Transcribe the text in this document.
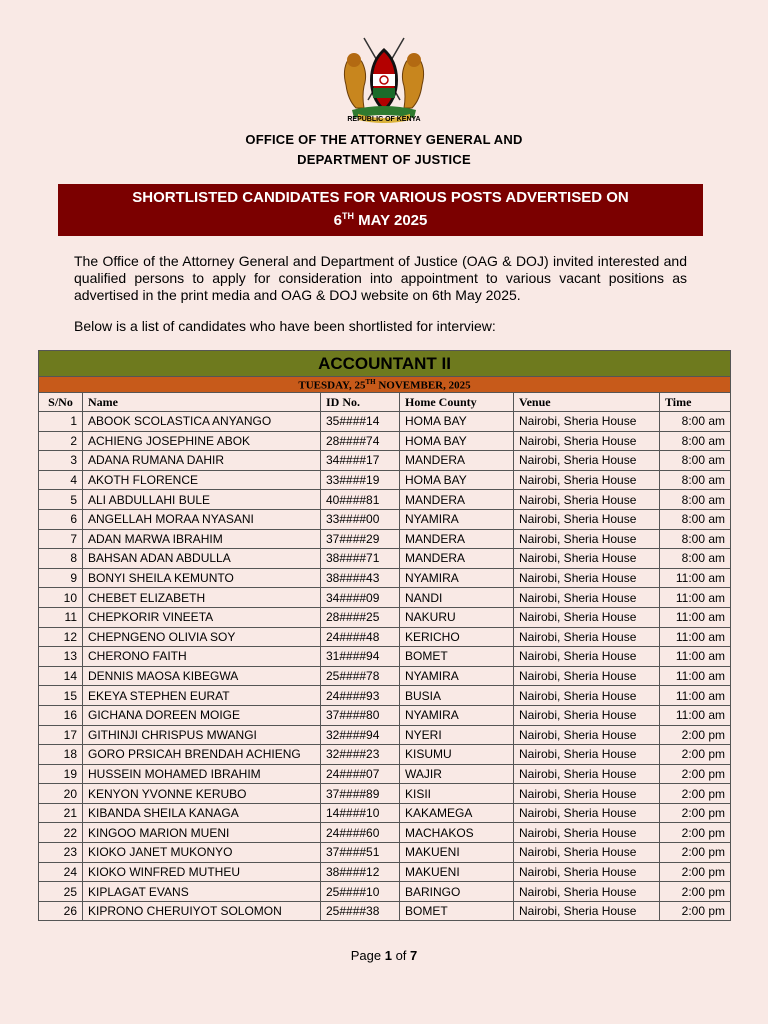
REPUBLIC OF KENYA
OFFICE OF THE ATTORNEY GENERAL AND
DEPARTMENT OF JUSTICE
SHORTLISTED CANDIDATES FOR VARIOUS POSTS ADVERTISED ON
6TH MAY 2025
The Office of the Attorney General and Department of Justice (OAG & DOJ) invited interested and qualified persons to apply for consideration into appointment to various vacant positions as advertised in the print media and OAG & DOJ website on 6th May 2025.
Below is a list of candidates who have been shortlisted for interview:
ACCOUNTANT II					
TUESDAY, 25TH NOVEMBER, 2025					
S/No	Name	ID No.	Home County	Venue	Time
1	ABOOK SCOLASTICA ANYANGO	35####14	HOMA BAY	Nairobi, Sheria House	8:00 am
2	ACHIENG JOSEPHINE ABOK	28####74	HOMA BAY	Nairobi, Sheria House	8:00 am
3	ADANA RUMANA DAHIR	34####17	MANDERA	Nairobi, Sheria House	8:00 am
4	AKOTH FLORENCE	33####19	HOMA BAY	Nairobi, Sheria House	8:00 am
5	ALI ABDULLAHI BULE	40####81	MANDERA	Nairobi, Sheria House	8:00 am
6	ANGELLAH MORAA NYASANI	33####00	NYAMIRA	Nairobi, Sheria House	8:00 am
7	ADAN MARWA IBRAHIM	37####29	MANDERA	Nairobi, Sheria House	8:00 am
8	BAHSAN ADAN ABDULLA	38####71	MANDERA	Nairobi, Sheria House	8:00 am
9	BONYI SHEILA KEMUNTO	38####43	NYAMIRA	Nairobi, Sheria House	11:00 am
10	CHEBET ELIZABETH	34####09	NANDI	Nairobi, Sheria House	11:00 am
11	CHEPKORIR VINEETA	28####25	NAKURU	Nairobi, Sheria House	11:00 am
12	CHEPNGENO OLIVIA SOY	24####48	KERICHO	Nairobi, Sheria House	11:00 am
13	CHERONO FAITH	31####94	BOMET	Nairobi, Sheria House	11:00 am
14	DENNIS MAOSA KIBEGWA	25####78	NYAMIRA	Nairobi, Sheria House	11:00 am
15	EKEYA STEPHEN EURAT	24####93	BUSIA	Nairobi, Sheria House	11:00 am
16	GICHANA DOREEN MOIGE	37####80	NYAMIRA	Nairobi, Sheria House	11:00 am
17	GITHINJI CHRISPUS MWANGI	32####94	NYERI	Nairobi, Sheria House	2:00 pm
18	GORO PRSICAH BRENDAH ACHIENG	32####23	KISUMU	Nairobi, Sheria House	2:00 pm
19	HUSSEIN MOHAMED IBRAHIM	24####07	WAJIR	Nairobi, Sheria House	2:00 pm
20	KENYON YVONNE KERUBO	37####89	KISII	Nairobi, Sheria House	2:00 pm
21	KIBANDA SHEILA KANAGA	14####10	KAKAMEGA	Nairobi, Sheria House	2:00 pm
22	KINGOO MARION MUENI	24####60	MACHAKOS	Nairobi, Sheria House	2:00 pm
23	KIOKO JANET MUKONYO	37####51	MAKUENI	Nairobi, Sheria House	2:00 pm
24	KIOKO WINFRED MUTHEU	38####12	MAKUENI	Nairobi, Sheria House	2:00 pm
25	KIPLAGAT EVANS	25####10	BARINGO	Nairobi, Sheria House	2:00 pm
26	KIPRONO CHERUIYOT SOLOMON	25####38	BOMET	Nairobi, Sheria House	2:00 pm
Page 1 of 7
